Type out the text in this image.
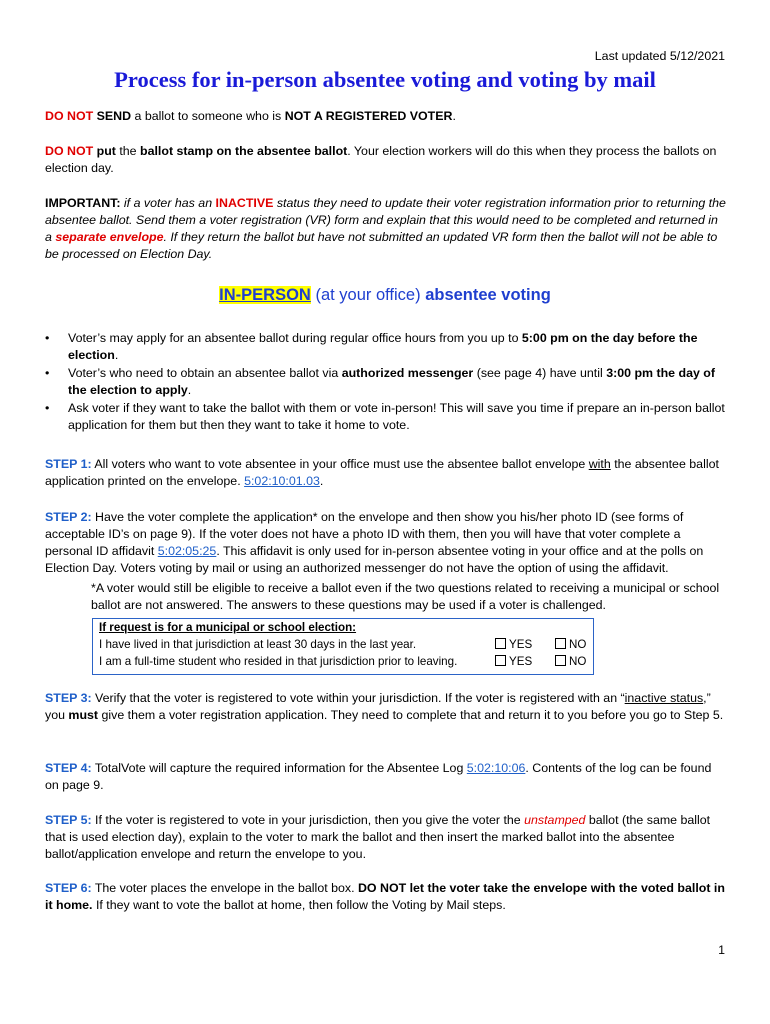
Last updated 5/12/2021
Process for in-person absentee voting and voting by mail
DO NOT SEND a ballot to someone who is NOT A REGISTERED VOTER.
DO NOT put the ballot stamp on the absentee ballot. Your election workers will do this when they process the ballots on election day.
IMPORTANT: if a voter has an INACTIVE status they need to update their voter registration information prior to returning the absentee ballot. Send them a voter registration (VR) form and explain that this would need to be completed and returned in a separate envelope. If they return the ballot but have not submitted an updated VR form then the ballot will not be able to be processed on Election Day.
IN-PERSON (at your office) absentee voting
• Voter’s may apply for an absentee ballot during regular office hours from you up to 5:00 pm on the day before the election.
• Voter’s who need to obtain an absentee ballot via authorized messenger (see page 4) have until 3:00 pm the day of the election to apply.
• Ask voter if they want to take the ballot with them or vote in-person! This will save you time if prepare an in-person ballot application for them but then they want to take it home to vote.
STEP 1: All voters who want to vote absentee in your office must use the absentee ballot envelope with the absentee ballot application printed on the envelope. 5:02:10:01.03.
STEP 2: Have the voter complete the application* on the envelope and then show you his/her photo ID (see forms of acceptable ID’s on page 9). If the voter does not have a photo ID with them, then you will have that voter complete a personal ID affidavit 5:02:05:25. This affidavit is only used for in-person absentee voting in your office and at the polls on Election Day. Voters voting by mail or using an authorized messenger do not have the option of using the affidavit.
*A voter would still be eligible to receive a ballot even if the two questions related to receiving a municipal or school ballot are not answered. The answers to these questions may be used if a voter is challenged.
If request is for a municipal or school election:
I have lived in that jurisdiction at least 30 days in the last year.	YES	NO
I am a full-time student who resided in that jurisdiction prior to leaving.	YES	NO
STEP 3: Verify that the voter is registered to vote within your jurisdiction. If the voter is registered with an “inactive status,” you must give them a voter registration application. They need to complete that and return it to you before you go to Step 5.
STEP 4: TotalVote will capture the required information for the Absentee Log 5:02:10:06. Contents of the log can be found on page 9.
STEP 5: If the voter is registered to vote in your jurisdiction, then you give the voter the unstamped ballot (the same ballot that is used election day), explain to the voter to mark the ballot and then insert the marked ballot into the absentee ballot/application envelope and return the envelope to you.
STEP 6: The voter places the envelope in the ballot box. DO NOT let the voter take the envelope with the voted ballot in it home. If they want to vote the ballot at home, then follow the Voting by Mail steps.
1
